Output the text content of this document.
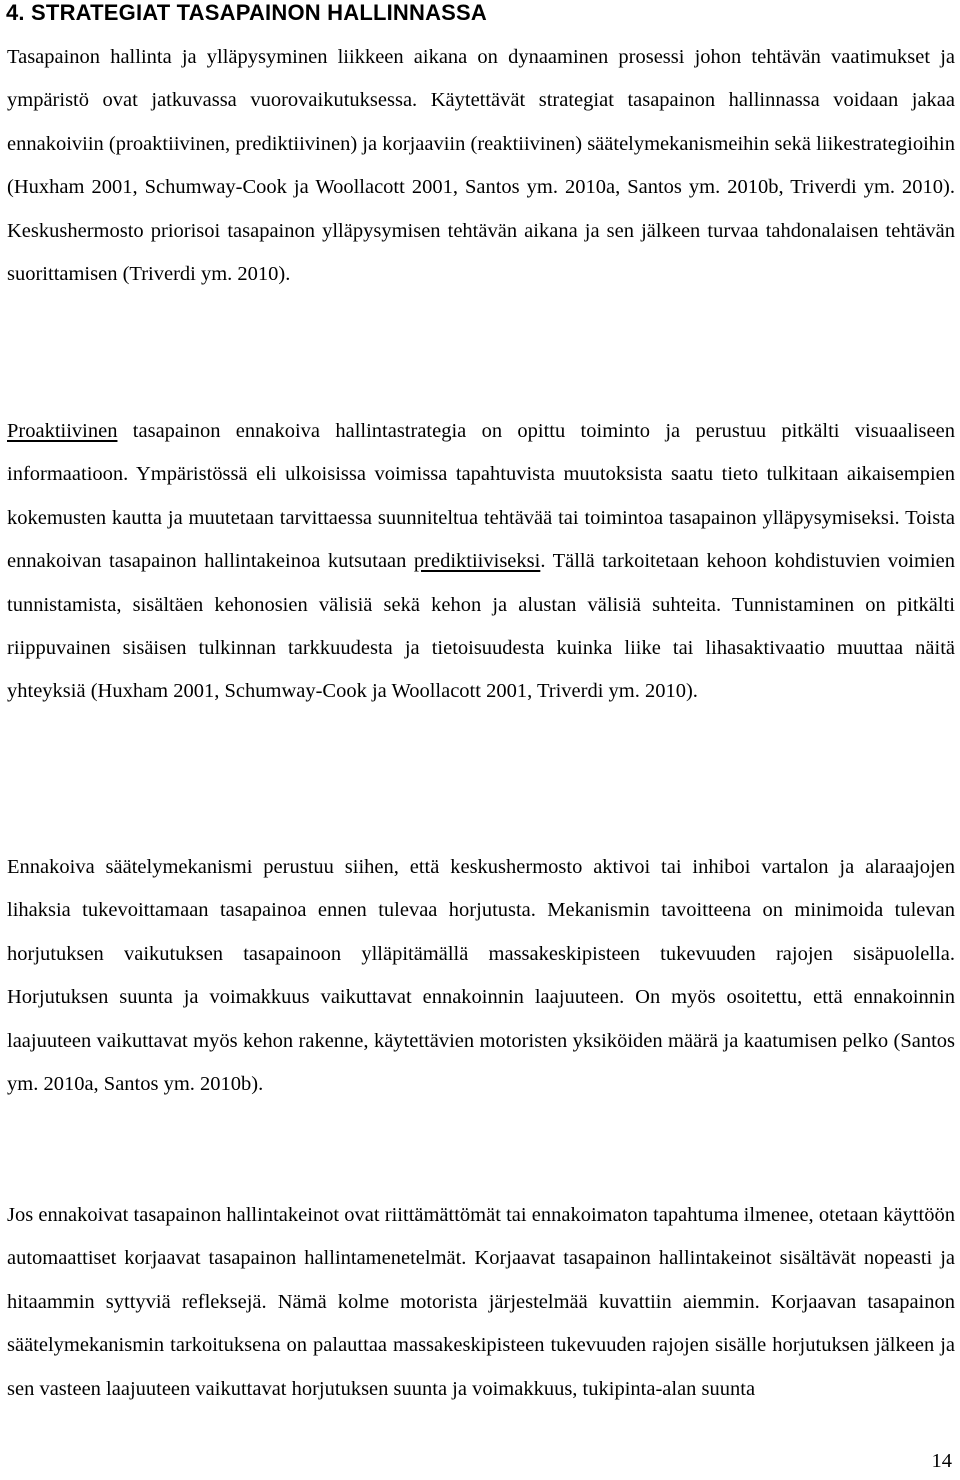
4. STRATEGIAT TASAPAINON HALLINNASSA

Tasapainon hallinta ja ylläpysyminen liikkeen aikana on dynaaminen prosessi johon tehtävän vaatimukset ja ympäristö ovat jatkuvassa vuorovaikutuksessa. Käytettävät strategiat tasapainon hallinnassa voidaan jakaa ennakoiviin (proaktiivinen, prediktiivinen) ja korjaaviin (reaktiivinen) säätelymekanismeihin sekä liikestrategioihin (Huxham 2001, Schumway-Cook ja Woollacott 2001, Santos ym. 2010a, Santos ym. 2010b, Triverdi ym. 2010). Keskushermosto priorisoi tasapainon ylläpysymisen tehtävän aikana ja sen jälkeen turvaa tahdonalaisen tehtävän suorittamisen (Triverdi ym. 2010).

Proaktiivinen tasapainon ennakoiva hallintastrategia on opittu toiminto ja perustuu pitkälti visuaaliseen informaatioon. Ympäristössä eli ulkoisissa voimissa tapahtuvista muutoksista saatu tieto tulkitaan aikaisempien kokemusten kautta ja muutetaan tarvittaessa suunniteltua tehtävää tai toimintoa tasapainon ylläpysymiseksi. Toista ennakoivan tasapainon hallintakeinoa kutsutaan prediktiiviseksi. Tällä tarkoitetaan kehoon kohdistuvien voimien tunnistamista, sisältäen kehonosien välisiä sekä kehon ja alustan välisiä suhteita. Tunnistaminen on pitkälti riippuvainen sisäisen tulkinnan tarkkuudesta ja tietoisuudesta kuinka liike tai lihasaktivaatio muuttaa näitä yhteyksiä (Huxham 2001, Schumway-Cook ja Woollacott 2001, Triverdi ym. 2010).

Ennakoiva säätelymekanismi perustuu siihen, että keskushermosto aktivoi tai inhiboi vartalon ja alaraajojen lihaksia tukevoittamaan tasapainoa ennen tulevaa horjutusta. Mekanismin tavoitteena on minimoida tulevan horjutuksen vaikutuksen tasapainoon ylläpitämällä massakeskipisteen tukevuuden rajojen sisäpuolella. Horjutuksen suunta ja voimakkuus vaikuttavat ennakoinnin laajuuteen. On myös osoitettu, että ennakoinnin laajuuteen vaikuttavat myös kehon rakenne, käytettävien motoristen yksiköiden määrä ja kaatumisen pelko (Santos ym. 2010a, Santos ym. 2010b).

Jos ennakoivat tasapainon hallintakeinot ovat riittämättömät tai ennakoimaton tapahtuma ilmenee, otetaan käyttöön automaattiset korjaavat tasapainon hallintamenetelmät. Korjaavat tasapainon hallintakeinot sisältävät nopeasti ja hitaammin syttyviä refleksejä. Nämä kolme motorista järjestelmää kuvattiin aiemmin. Korjaavan tasapainon säätelymekanismin tarkoituksena on palauttaa massakeskipisteen tukevuuden rajojen sisälle horjutuksen jälkeen ja sen vasteen laajuuteen vaikuttavat horjutuksen suunta ja voimakkuus, tukipinta-alan suunta

14
